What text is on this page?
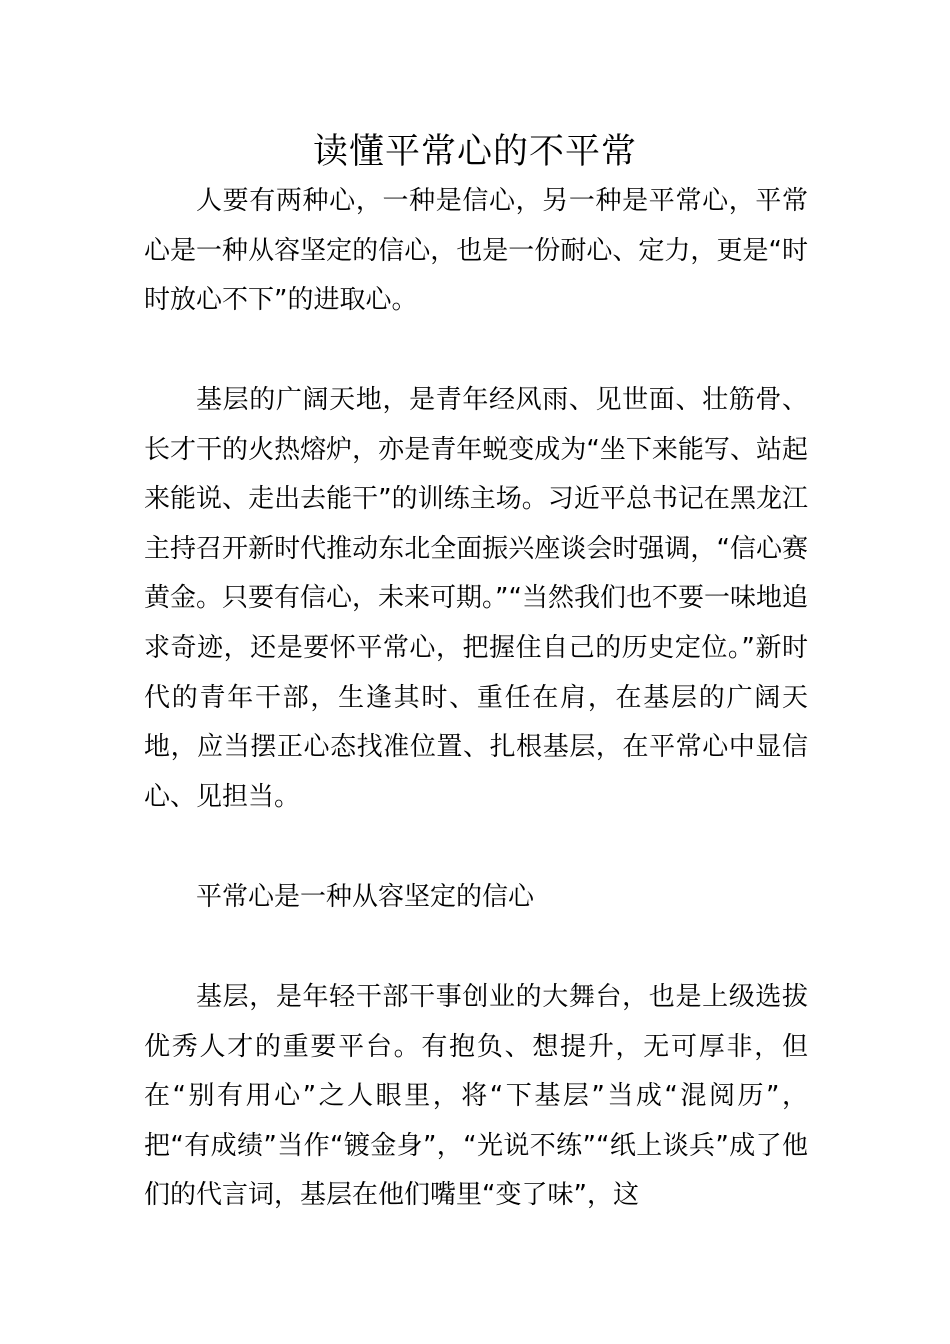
读懂平常心的不平常

人要有两种心，一种是信心，另一种是平常心，平常心是一种从容坚定的信心，也是一份耐心、定力，更是“时时放心不下”的进取心。

基层的广阔天地，是青年经风雨、见世面、壮筋骨、长才干的火热熔炉，亦是青年蜕变成为“坐下来能写、站起来能说、走出去能干”的训练主场。习近平总书记在黑龙江主持召开新时代推动东北全面振兴座谈会时强调，“信心赛黄金。只要有信心，未来可期。”“当然我们也不要一味地追求奇迹，还是要怀平常心，把握住自己的历史定位。”新时代的青年干部，生逢其时、重任在肩，在基层的广阔天地，应当摆正心态找准位置、扎根基层，在平常心中显信心、见担当。

平常心是一种从容坚定的信心

基层，是年轻干部干事创业的大舞台，也是上级选拔优秀人才的重要平台。有抱负、想提升，无可厚非，但在“别有用心”之人眼里，将“下基层”当成“混阅历”，把“有成绩”当作“镀金身”，“光说不练”“纸上谈兵”成了他们的代言词，基层在他们嘴里“变了味”，这
